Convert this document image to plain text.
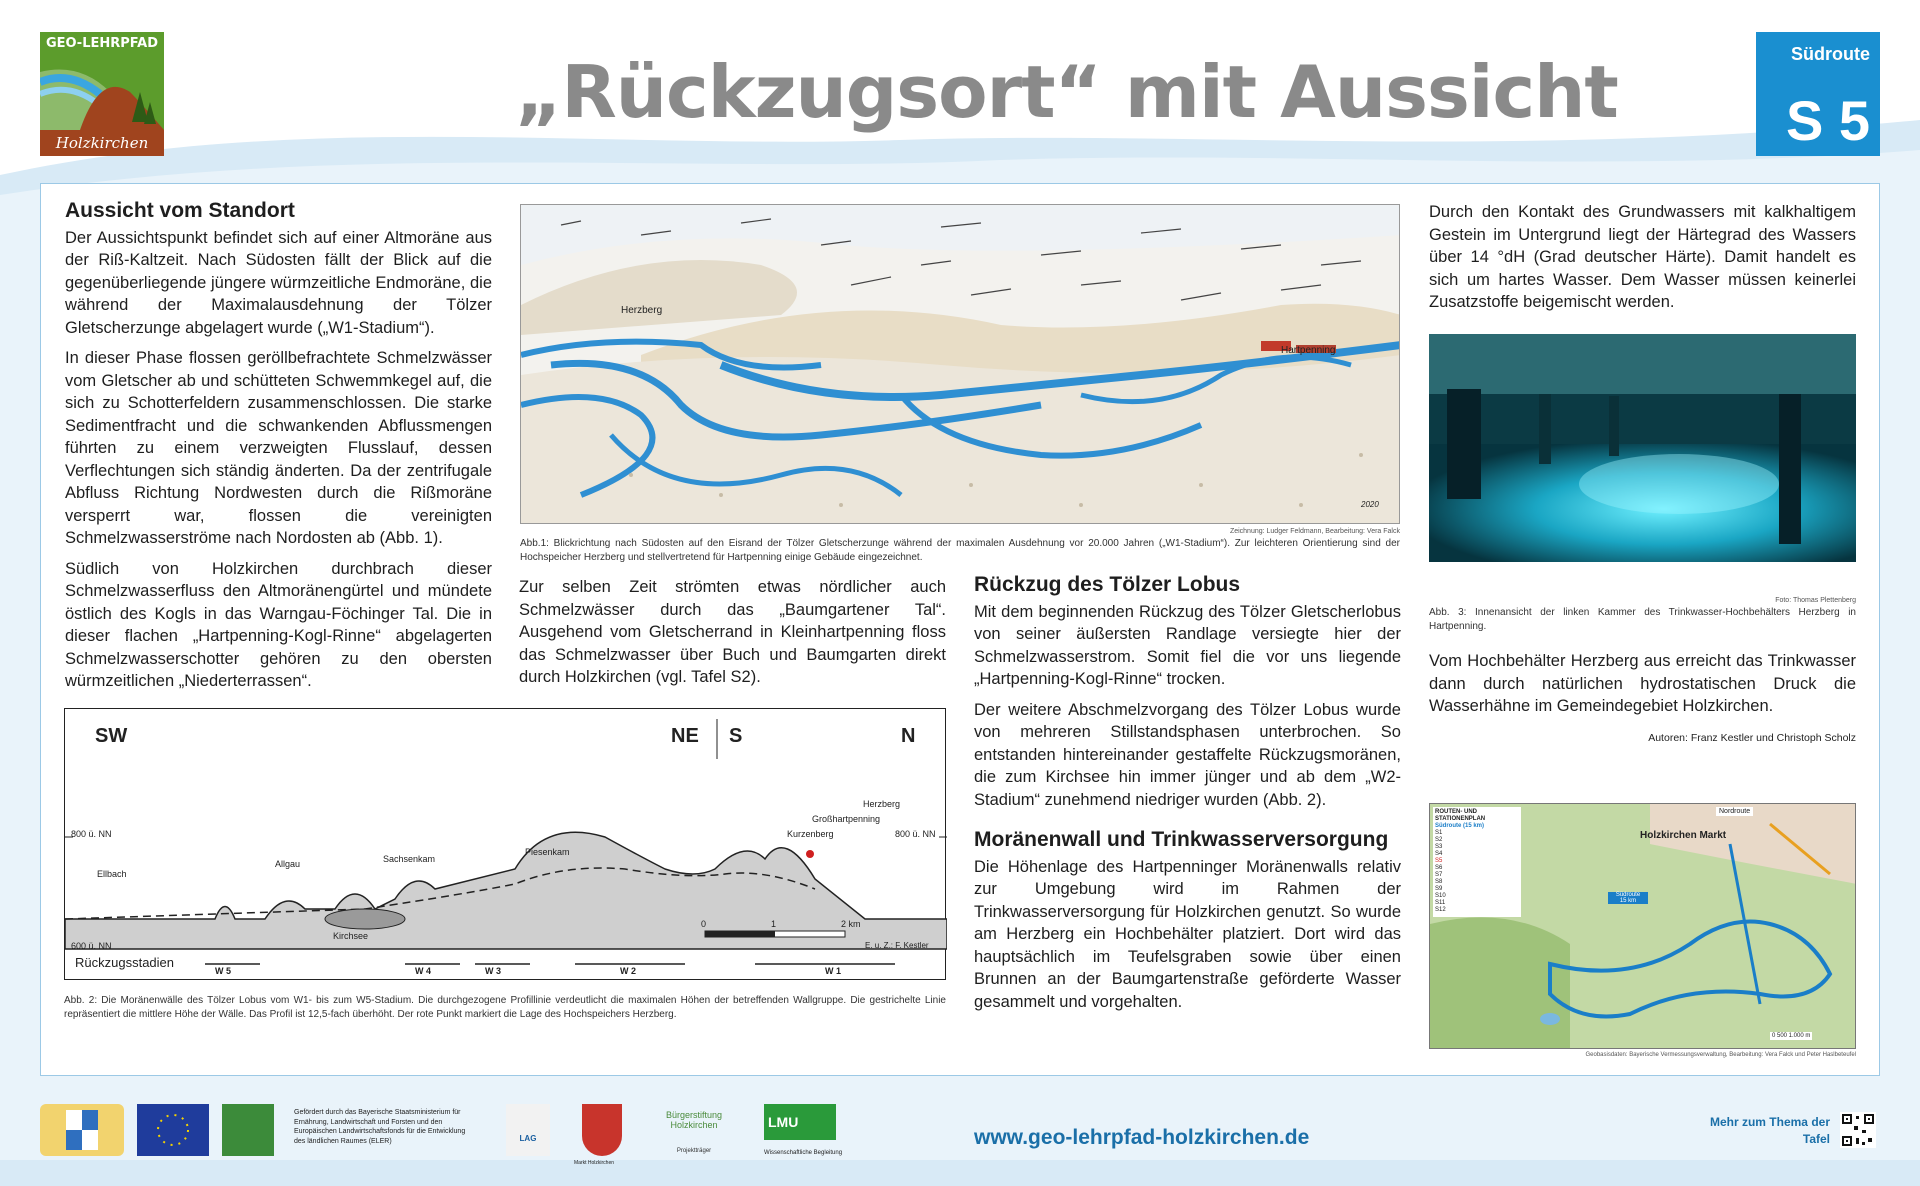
GEO-LEHRPFAD
Holzkirchen
„Rückzugsort“ mit Aussicht	Südroute
S 5
Aussicht vom Standort

Der Aussichtspunkt befindet sich auf einer Altmoräne aus der Riß-Kaltzeit. Nach Südosten fällt der Blick auf die gegenüberliegende jüngere würmzeitliche Endmoräne, die während der Maximalausdehnung der Tölzer Gletscherzunge abgelagert wurde („W1-Stadium“).

In dieser Phase flossen geröllbefrachtete Schmelzwässer vom Gletscher ab und schütteten Schwemmkegel auf, die sich zu Schotterfeldern zusammenschlossen. Die starke Sedimentfracht und die schwankenden Abflussmengen führten zu einem verzweigten Flusslauf, dessen Verflechtungen sich ständig änderten. Da der zentrifugale Abfluss Richtung Nordwesten durch die Rißmoräne versperrt war, flossen die vereinigten Schmelzwasserströme nach Nordosten ab (Abb. 1).

Südlich von Holzkirchen durchbrach dieser Schmelzwasserfluss den Altmoränengürtel und mündete östlich des Kogls in das Warngau-Föchinger Tal. Die in dieser flachen „Hartpenning-Kogl-Rinne“ abgelagerten Schmelzwasserschotter gehören zu den obersten würmzeitlichen „Niederterrassen“.

Herzberg
Hartpenning
2020
Zeichnung: Ludger Feldmann, Bearbeitung: Vera Falck
Abb.1: Blickrichtung nach Südosten auf den Eisrand der Tölzer Gletscherzunge während der maximalen Ausdehnung vor 20.000 Jahren („W1-Stadium“). Zur leichteren Orientierung sind der Hochspeicher Herzberg und stellvertretend für Hartpenning einige Gebäude eingezeichnet.

Zur selben Zeit strömten etwas nördlicher auch Schmelzwässer durch das „Baumgartener Tal“. Ausgehend vom Gletscherrand in Kleinhartpenning floss das Schmelzwasser über Buch und Baumgarten direkt durch Holzkirchen (vgl. Tafel S2).

Rückzug des Tölzer Lobus

Mit dem beginnenden Rückzug des Tölzer Gletscherlobus von seiner äußersten Randlage versiegte hier der Schmelzwasserstrom. Somit fiel die vor uns liegende „Hartpenning-Kogl-Rinne“ trocken.

Der weitere Abschmelzvorgang des Tölzer Lobus wurde von mehreren Stillstandsphasen unterbrochen. So entstanden hintereinander gestaffelte Rückzugsmoränen, die zum Kirchsee hin immer jünger und ab dem „W2-Stadium“ zunehmend niedriger wurden (Abb. 2).

Moränenwall und Trinkwasserversorgung

Die Höhenlage des Hartpenninger Moränenwalls relativ zur Umgebung wird im Rahmen der Trinkwasserversorgung für Holzkirchen genutzt. So wurde am Herzberg ein Hochbehälter platziert. Dort wird das hauptsächlich im Teufelsgraben sowie über einen Brunnen an der Baumgartenstraße geförderte Wasser gesammelt und vorgehalten.

Durch den Kontakt des Grundwassers mit kalkhaltigem Gestein im Untergrund liegt der Härtegrad des Wassers über 14 °dH (Grad deutscher Härte). Damit handelt es sich um hartes Wasser. Dem Wasser müssen keinerlei Zusatzstoffe beigemischt werden.

Foto: Thomas Plettenberg
Abb. 3: Innenansicht der linken Kammer des Trinkwasser-Hochbehälters Herzberg in Hartpenning.

Vom Hochbehälter Herzberg aus erreicht das Trinkwasser dann durch natürlichen hydrostatischen Druck die Wasserhähne im Gemeindegebiet Holzkirchen.

Autoren: Franz Kestler und Christoph Scholz
ROUTEN- UND STATIONENPLAN
Südroute (15 km)
S1
S2
S3
S4
S5
S6
S7
S8
S9
S10
S11
S12
Holzkirchen Markt
Nordroute
Südroute
15 km
0 500 1.000 m
Geobasisdaten: Bayerische Vermessungsverwaltung, Bearbeitung: Vera Falck und Peter Haslbeteufel
SW	NE S	N
800 ü. NN	800 ü. NN
600 ü. NN
Ellbach
Allgau	Sachsenkam
Kirchsee
Piesenkam
Kurzenberg
Großhartpenning
Herzberg
Rückzugsstadien
W 5	W 4	W 3	W 2	W 1
0	1	2 km
E. u. Z.: F. Kestler
Abb. 2: Die Moränenwälle des Tölzer Lobus vom W1- bis zum W5-Stadium. Die durchgezogene Profillinie verdeutlicht die maximalen Höhen der betreffenden Wallgruppe. Die gestrichelte Linie repräsentiert die mittlere Höhe der Wälle. Das Profil ist 12,5-fach überhöht. Der rote Punkt markiert die Lage des Hochspeichers Herzberg.
Gefördert durch das Bayerische Staatsministerium für Ernährung, Landwirtschaft und Forsten und den Europäischen Landwirtschaftsfonds für die Entwicklung des ländlichen Raumes (ELER)	LAG
Markt Holzkirchen
Bürgerstiftung Holzkirchen
Projektträger
LMU
Wissenschaftliche Begleitung
www.geo-lehrpfad-holzkirchen.de
Mehr zum Thema der Tafel
